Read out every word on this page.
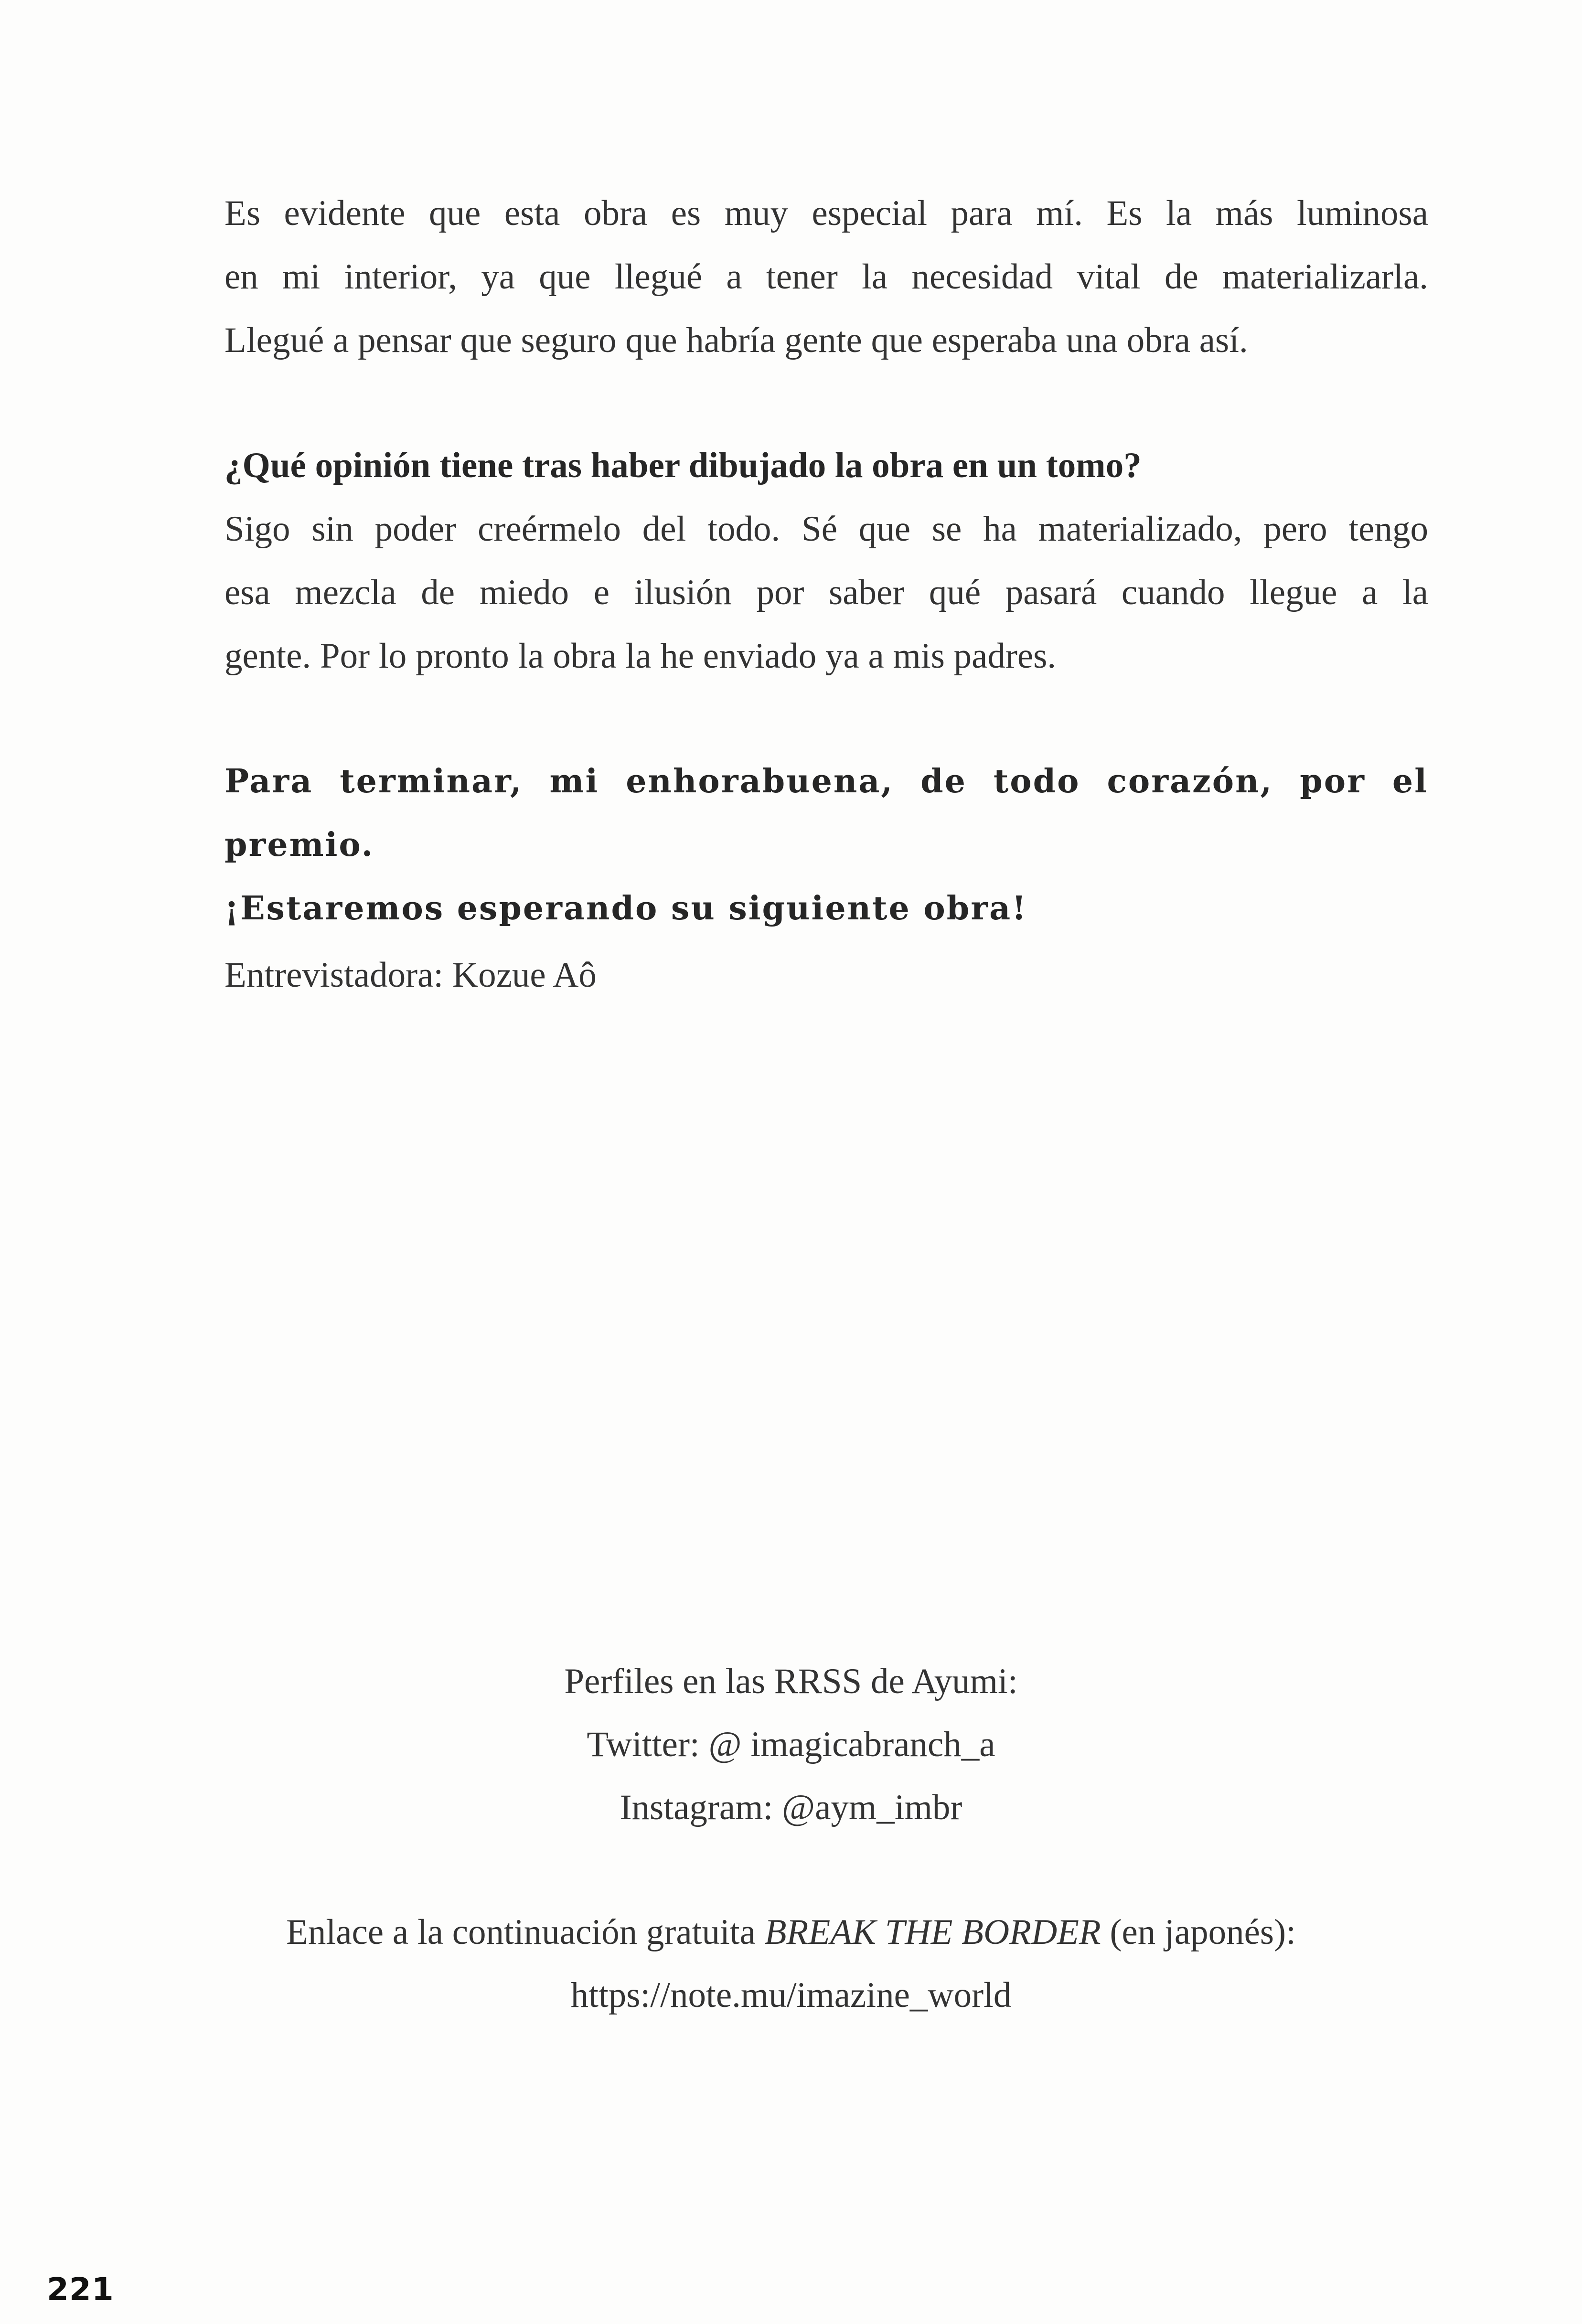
Es evidente que esta obra es muy especial para mí. Es la más luminosa
en mi interior, ya que llegué a tener la necesidad vital de materializarla.
Llegué a pensar que seguro que habría gente que esperaba una obra así.
¿Qué opinión tiene tras haber dibujado la obra en un tomo?
Sigo sin poder creérmelo del todo. Sé que se ha materializado, pero tengo
esa mezcla de miedo e ilusión por saber qué pasará cuando llegue a la
gente. Por lo pronto la obra la he enviado ya a mis padres.
Para terminar, mi enhorabuena, de todo corazón, por el premio.
¡Estaremos esperando su siguiente obra!
Entrevistadora: Kozue Aô
Perfiles en las RRSS de Ayumi:
Twitter: @ imagicabranch_a
Instagram: @aym_imbr
Enlace a la continuación gratuita BREAK THE BORDER (en japonés):
https://note.mu/imazine_world
221
